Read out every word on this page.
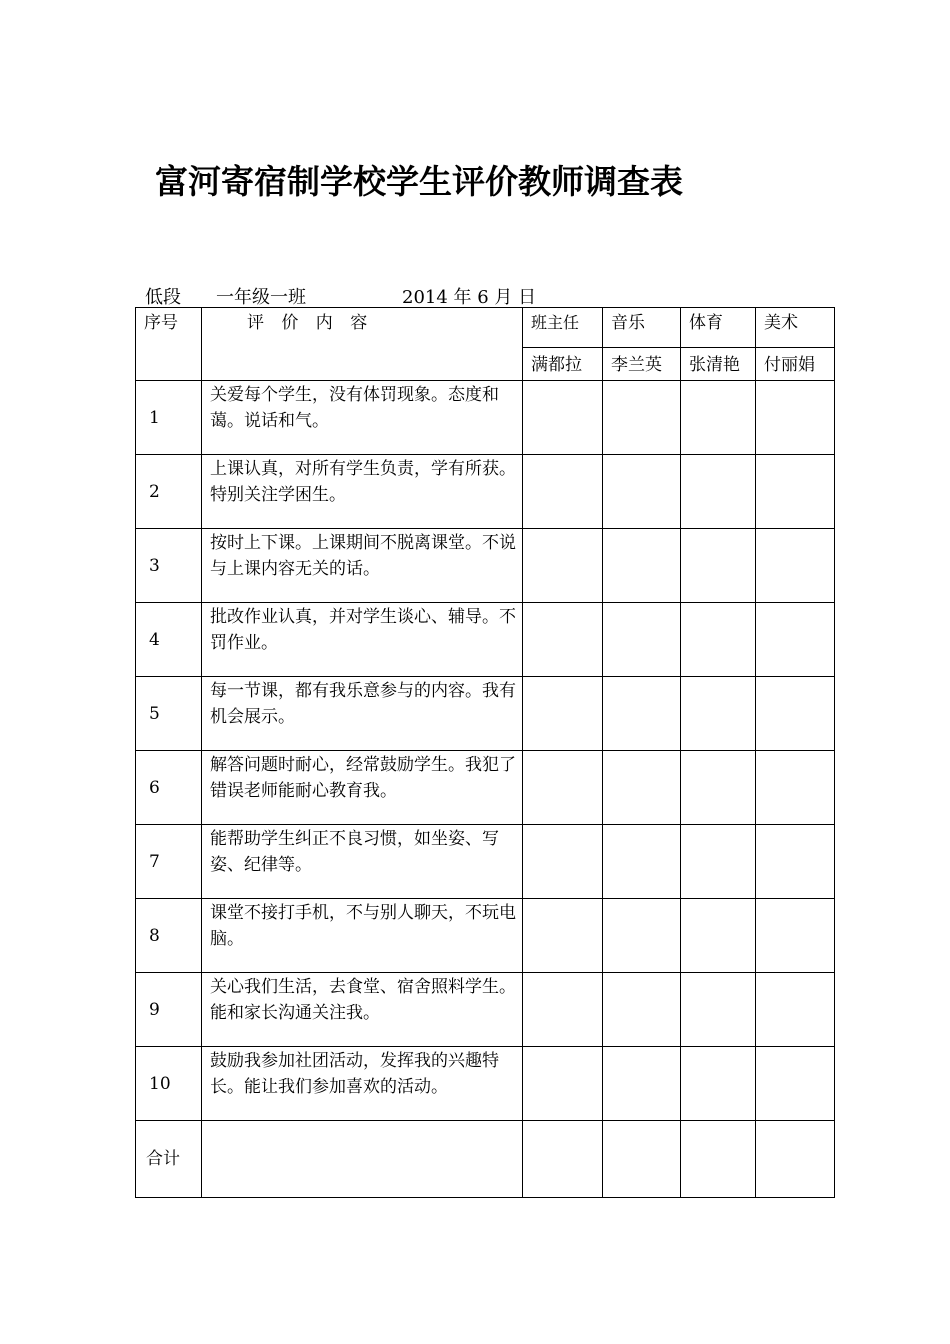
富河寄宿制学校学生评价教师调查表
低段 一年级一班	2014 年 6 月 日
序号	评 价 内 容	班主任	音乐	体育	美术
		满都拉	李兰英	张清艳	付丽娟
1	关爱每个学生，没有体罚现象。态度和蔼。说话和气。				
2	上课认真，对所有学生负责，学有所获。特别关注学困生。				
3	按时上下课。上课期间不脱离课堂。不说与上课内容无关的话。				
4	批改作业认真，并对学生谈心、辅导。不罚作业。				
5	每一节课，都有我乐意参与的内容。我有机会展示。				
6	解答问题时耐心，经常鼓励学生。我犯了错误老师能耐心教育我。				
7	能帮助学生纠正不良习惯，如坐姿、写姿、纪律等。				
8	课堂不接打手机，不与别人聊天，不玩电脑。				
9	关心我们生活，去食堂、宿舍照料学生。能和家长沟通关注我。				
10	鼓励我参加社团活动，发挥我的兴趣特长。能让我们参加喜欢的活动。				
合计					
